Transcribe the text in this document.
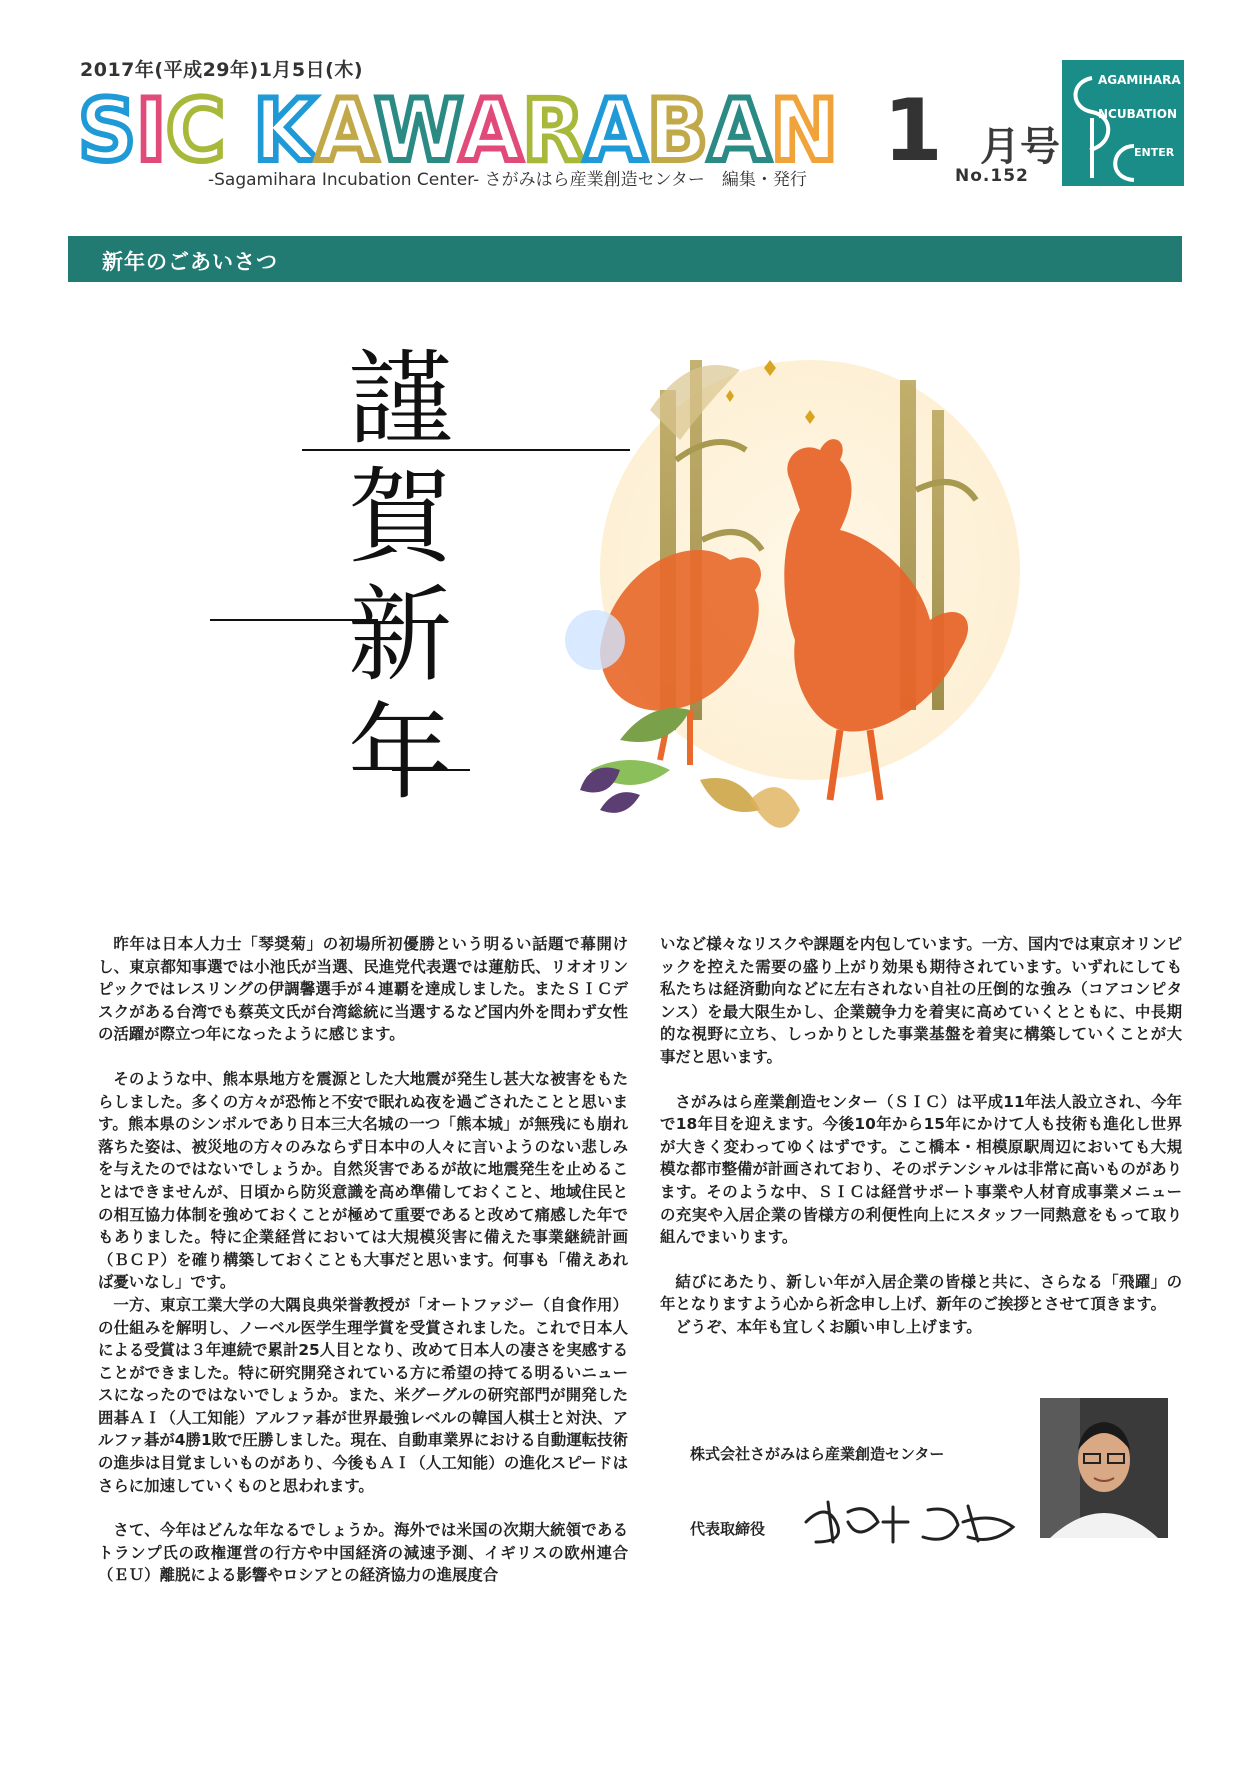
2017年(平成29年)1月5日(木)
SIC KAWARABAN 1 月号
-Sagamihara Incubation Center- さがみはら産業創造センター　編集・発行	No.152
AGAMIHARA
NCUBATION
ENTER
新年のごあいさつ
謹
賀
新
年

昨年は日本人力士「琴奨菊」の初場所初優勝という明るい話題で幕開けし、東京都知事選では小池氏が当選、民進党代表選では蓮舫氏、リオオリンピックではレスリングの伊調馨選手が４連覇を達成しました。またＳＩＣデスクがある台湾でも蔡英文氏が台湾総統に当選するなど国内外を問わず女性の活躍が際立つ年になったように感じます。

そのような中、熊本県地方を震源とした大地震が発生し甚大な被害をもたらしました。多くの方々が恐怖と不安で眠れぬ夜を過ごされたことと思います。熊本県のシンボルであり日本三大名城の一つ「熊本城」が無残にも崩れ落ちた姿は、被災地の方々のみならず日本中の人々に言いようのない悲しみを与えたのではないでしょうか。自然災害であるが故に地震発生を止めることはできませんが、日頃から防災意識を高め準備しておくこと、地域住民との相互協力体制を強めておくことが極めて重要であると改めて痛感した年でもありました。特に企業経営においては大規模災害に備えた事業継続計画（ＢＣＰ）を確り構築しておくことも大事だと思います。何事も「備えあれば憂いなし」です。

一方、東京工業大学の大隅良典栄誉教授が「オートファジー（自食作用）の仕組みを解明し、ノーベル医学生理学賞を受賞されました。これで日本人による受賞は３年連続で累計25人目となり、改めて日本人の凄さを実感することができました。特に研究開発されている方に希望の持てる明るいニュースになったのではないでしょうか。また、米グーグルの研究部門が開発した囲碁ＡＩ（人工知能）アルファ碁が世界最強レベルの韓国人棋士と対決、アルファ碁が4勝1敗で圧勝しました。現在、自動車業界における自動運転技術の進歩は目覚ましいものがあり、今後もＡＩ（人工知能）の進化スピードはさらに加速していくものと思われます。

さて、今年はどんな年なるでしょうか。海外では米国の次期大統領であるトランプ氏の政権運営の行方や中国経済の減速予測、イギリスの欧州連合（ＥＵ）離脱による影響やロシアとの経済協力の進展度合

いなど様々なリスクや課題を内包しています。一方、国内では東京オリンピックを控えた需要の盛り上がり効果も期待されています。いずれにしても私たちは経済動向などに左右されない自社の圧倒的な強み（コアコンピタンス）を最大限生かし、企業競争力を着実に高めていくとともに、中長期的な視野に立ち、しっかりとした事業基盤を着実に構築していくことが大事だと思います。

さがみはら産業創造センター（ＳＩＣ）は平成11年法人設立され、今年で18年目を迎えます。今後10年から15年にかけて人も技術も進化し世界が大きく変わってゆくはずです。ここ橋本・相模原駅周辺においても大規模な都市整備が計画されており、そのポテンシャルは非常に高いものがあります。そのような中、ＳＩＣは経営サポート事業や人材育成事業メニューの充実や入居企業の皆様方の利便性向上にスタッフ一同熱意をもって取り組んでまいります。

結びにあたり、新しい年が入居企業の皆様と共に、さらなる「飛躍」の年となりますよう心から祈念申し上げ、新年のご挨拶とさせて頂きます。

どうぞ、本年も宜しくお願い申し上げます。

株式会社さがみはら産業創造センター
代表取締役
